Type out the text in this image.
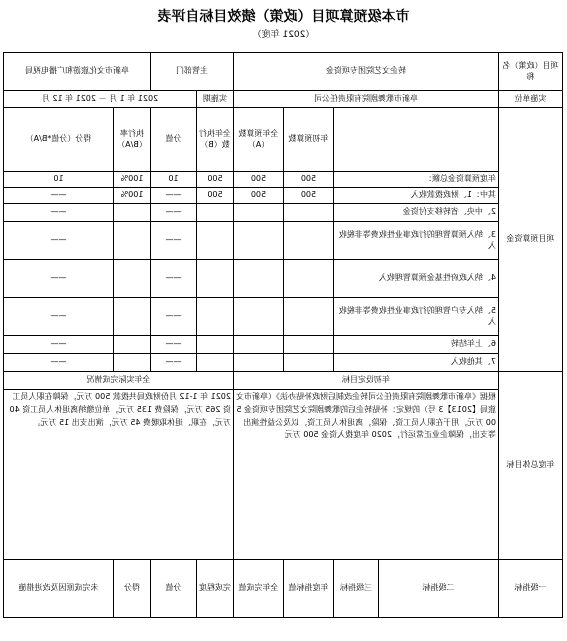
市本级预算项目（政策）绩效目标自评表
（2021 年度）
项目（政策）名称	转企文艺院团专项资金				主管部门		阜新市文化旅游和广播电视局	
实施单位	阜新市歌舞剧院有限责任公司				实施期	2021 年 1 月 － 2021 年 12 月		
项目预算资金			年初预算数	全年预算数（A）	全年执行数（B）	分值	执行率（B/A）	得分（分值*B/A）
	年度预算资金总额：		500	500	500	10	100%	10
	其中：1、财政拨款收入		500	500	500	——	100%	——
	2、中央、省转移支付资金					——		——
	3、纳入预算管理的行政事业性收费等非税收入					——		——
	4、纳入政府性基金预算管理收入					——		——
	5、纳入专户管理的行政事业性收费等非税收入					——		——
	6、上年结转					——		——
	7、其他收入					——		——
年度总体目标	年初设定目标				全年实际完成情况			
	根据《阜新市歌舞剧院有限责任公司转企改制后财政补贴办法》（阜新市文旅局【2013】3 号）的规定：补贴转企后的歌舞剧院文艺院团专项资金 500 万元，用于在职人员工资、保险，离退休人员工资，以及公益性演出等支出，保障企业正常运行，2020 年度拨入资金 500 万元				2021 年 1-12 月份财政局共拨款 500 万元，保障在职人员工资 265 万元，保险费 135 万元，单位缴纳离退休人员工资 40 万元，在职、退休取暖费 45 万元，演出支出 15 万元。			
一级指标	二级指标	三级指标	年度指标值	全年完成值	完成程度	分值	得分	未完成原因及改进措施
